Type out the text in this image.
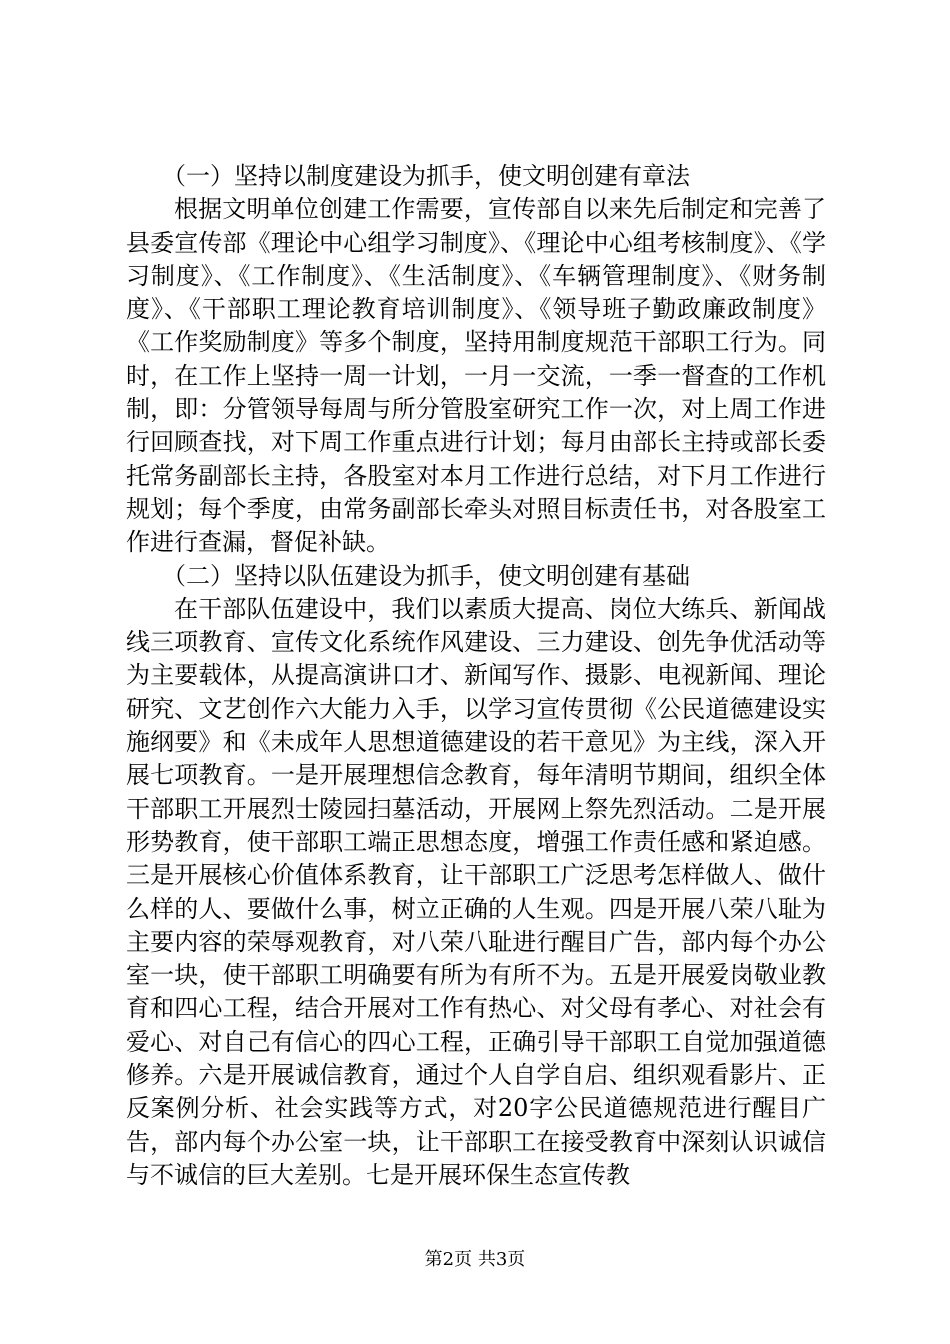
（一）坚持以制度建设为抓手，使文明创建有章法

根据文明单位创建工作需要，宣传部自以来先后制定和完善了县委宣传部《理论中心组学习制度》、《理论中心组考核制度》、《学习制度》、《工作制度》、《生活制度》、《车辆管理制度》、《财务制度》、《干部职工理论教育培训制度》、《领导班子勤政廉政制度》《工作奖励制度》等多个制度，坚持用制度规范干部职工行为。同时，在工作上坚持一周一计划，一月一交流，一季一督查的工作机制，即：分管领导每周与所分管股室研究工作一次，对上周工作进行回顾查找，对下周工作重点进行计划；每月由部长主持或部长委托常务副部长主持，各股室对本月工作进行总结，对下月工作进行规划；每个季度，由常务副部长牵头对照目标责任书，对各股室工作进行查漏，督促补缺。

（二）坚持以队伍建设为抓手，使文明创建有基础

在干部队伍建设中，我们以素质大提高、岗位大练兵、新闻战线三项教育、宣传文化系统作风建设、三力建设、创先争优活动等为主要载体，从提高演讲口才、新闻写作、摄影、电视新闻、理论研究、文艺创作六大能力入手，以学习宣传贯彻《公民道德建设实施纲要》和《未成年人思想道德建设的若干意见》为主线，深入开展七项教育。一是开展理想信念教育，每年清明节期间，组织全体干部职工开展烈士陵园扫墓活动，开展网上祭先烈活动。二是开展形势教育，使干部职工端正思想态度，增强工作责任感和紧迫感。三是开展核心价值体系教育，让干部职工广泛思考怎样做人、做什么样的人、要做什么事，树立正确的人生观。四是开展八荣八耻为主要内容的荣辱观教育，对八荣八耻进行醒目广告，部内每个办公室一块，使干部职工明确要有所为有所不为。五是开展爱岗敬业教育和四心工程，结合开展对工作有热心、对父母有孝心、对社会有爱心、对自己有信心的四心工程，正确引导干部职工自觉加强道德修养。六是开展诚信教育，通过个人自学自启、组织观看影片、正反案例分析、社会实践等方式，对20字公民道德规范进行醒目广告，部内每个办公室一块，让干部职工在接受教育中深刻认识诚信与不诚信的巨大差别。七是开展环保生态宣传教

第2页 共3页
